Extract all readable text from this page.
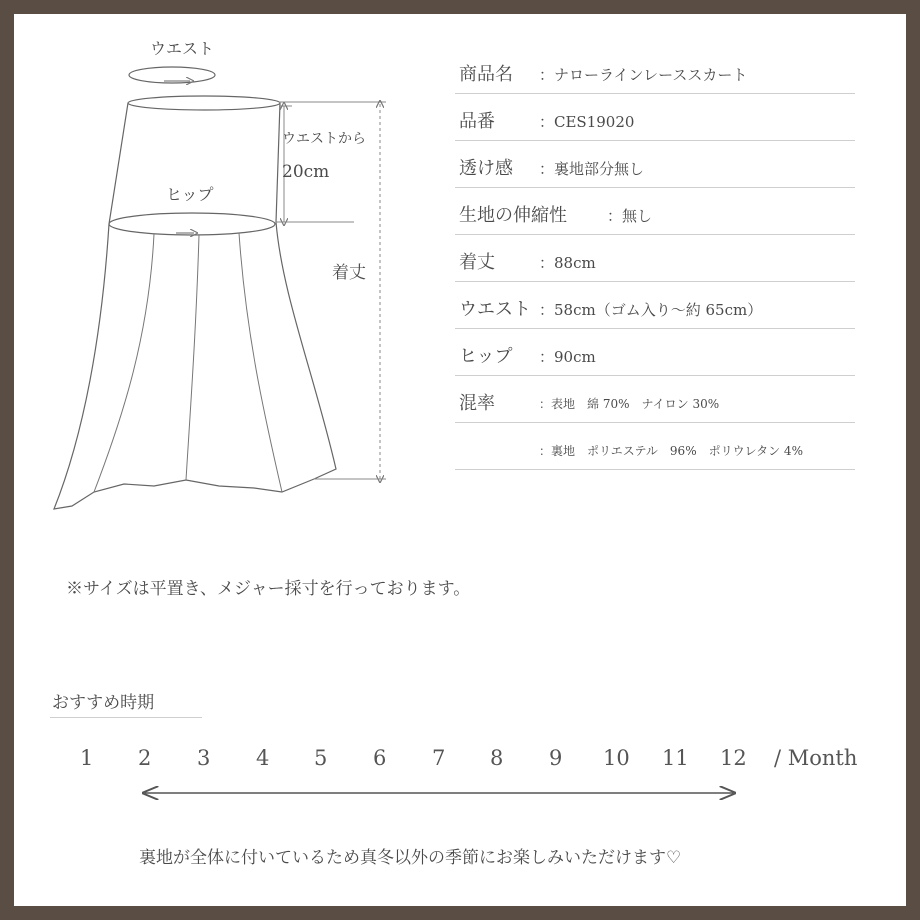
ウエスト
ヒップ
ウエストから
20cm
着丈
商品名 ：ナローラインレーススカート
品番	：CES19020
透け感 ：裏地部分無し
生地の伸縮性	：無し
着丈	：88cm
ウエスト ：58cm（ゴム入り～約 65cm）
ヒップ ：90cm
混率	：表地　綿 70%　ナイロン 30%
：裏地　ポリエステル　96%　ポリウレタン 4%
※サイズは平置き、メジャー採寸を行っております。
おすすめ時期
1 2 3 4 5 6 7 8 9 10 11 12 / Month
裏地が全体に付いているため真冬以外の季節にお楽しみいただけます♡
